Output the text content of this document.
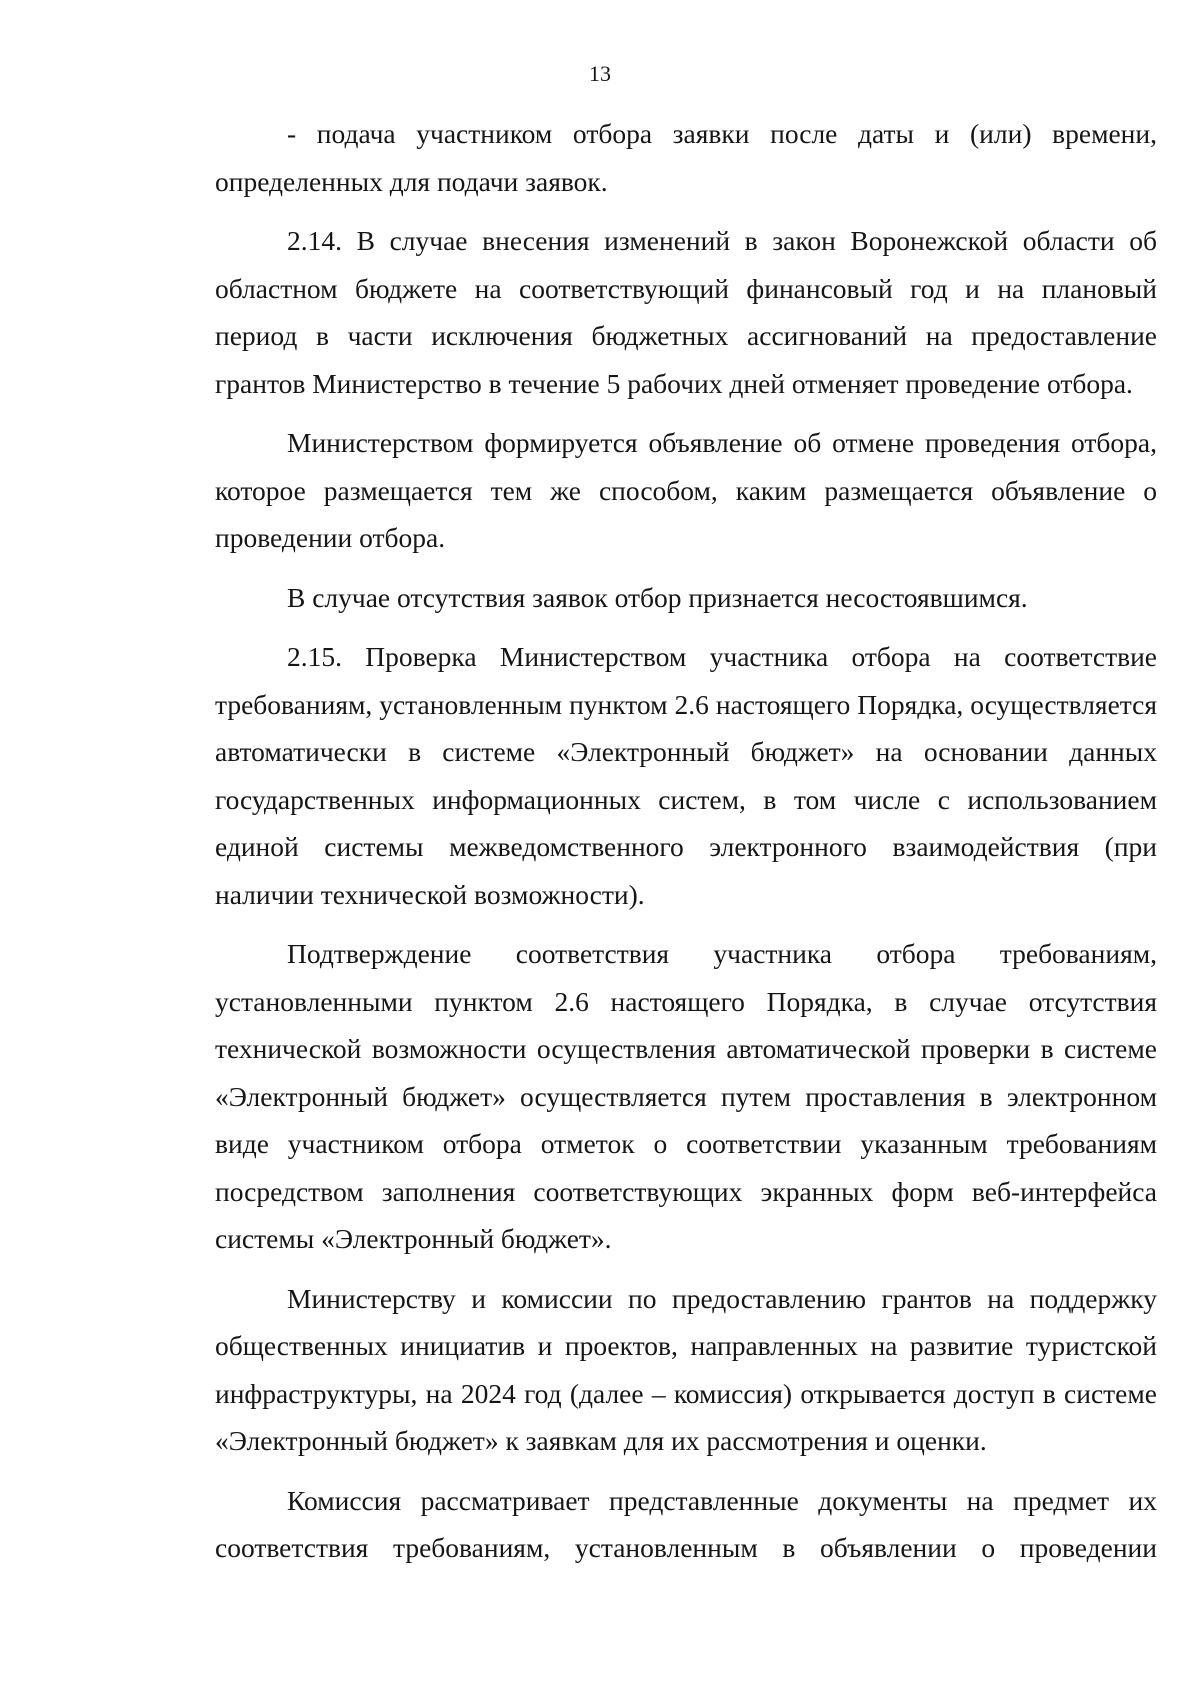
13

- подача участником отбора заявки после даты и (или) времени, определенных для подачи заявок.

2.14. В случае внесения изменений в закон Воронежской области об областном бюджете на соответствующий финансовый год и на плановый период в части исключения бюджетных ассигнований на предоставление грантов Министерство в течение 5 рабочих дней отменяет проведение отбора.

Министерством формируется объявление об отмене проведения отбора, которое размещается тем же способом, каким размещается объявление о проведении отбора.

В случае отсутствия заявок отбор признается несостоявшимся.

2.15. Проверка Министерством участника отбора на соответствие требованиям, установленным пунктом 2.6 настоящего Порядка, осуществляется автоматически в системе «Электронный бюджет» на основании данных государственных информационных систем, в том числе с использованием единой системы межведомственного электронного взаимодействия (при наличии технической возможности).

Подтверждение соответствия участника отбора требованиям, установленными пунктом 2.6 настоящего Порядка, в случае отсутствия технической возможности осуществления автоматической проверки в системе «Электронный бюджет» осуществляется путем проставления в электронном виде участником отбора отметок о соответствии указанным требованиям посредством заполнения соответствующих экранных форм веб-интерфейса системы «Электронный бюджет».

Министерству и комиссии по предоставлению грантов на поддержку общественных инициатив и проектов, направленных на развитие туристской инфраструктуры, на 2024 год (далее – комиссия) открывается доступ в системе «Электронный бюджет» к заявкам для их рассмотрения и оценки.

Комиссия рассматривает представленные документы на предмет их соответствия требованиям, установленным в объявлении о проведении
